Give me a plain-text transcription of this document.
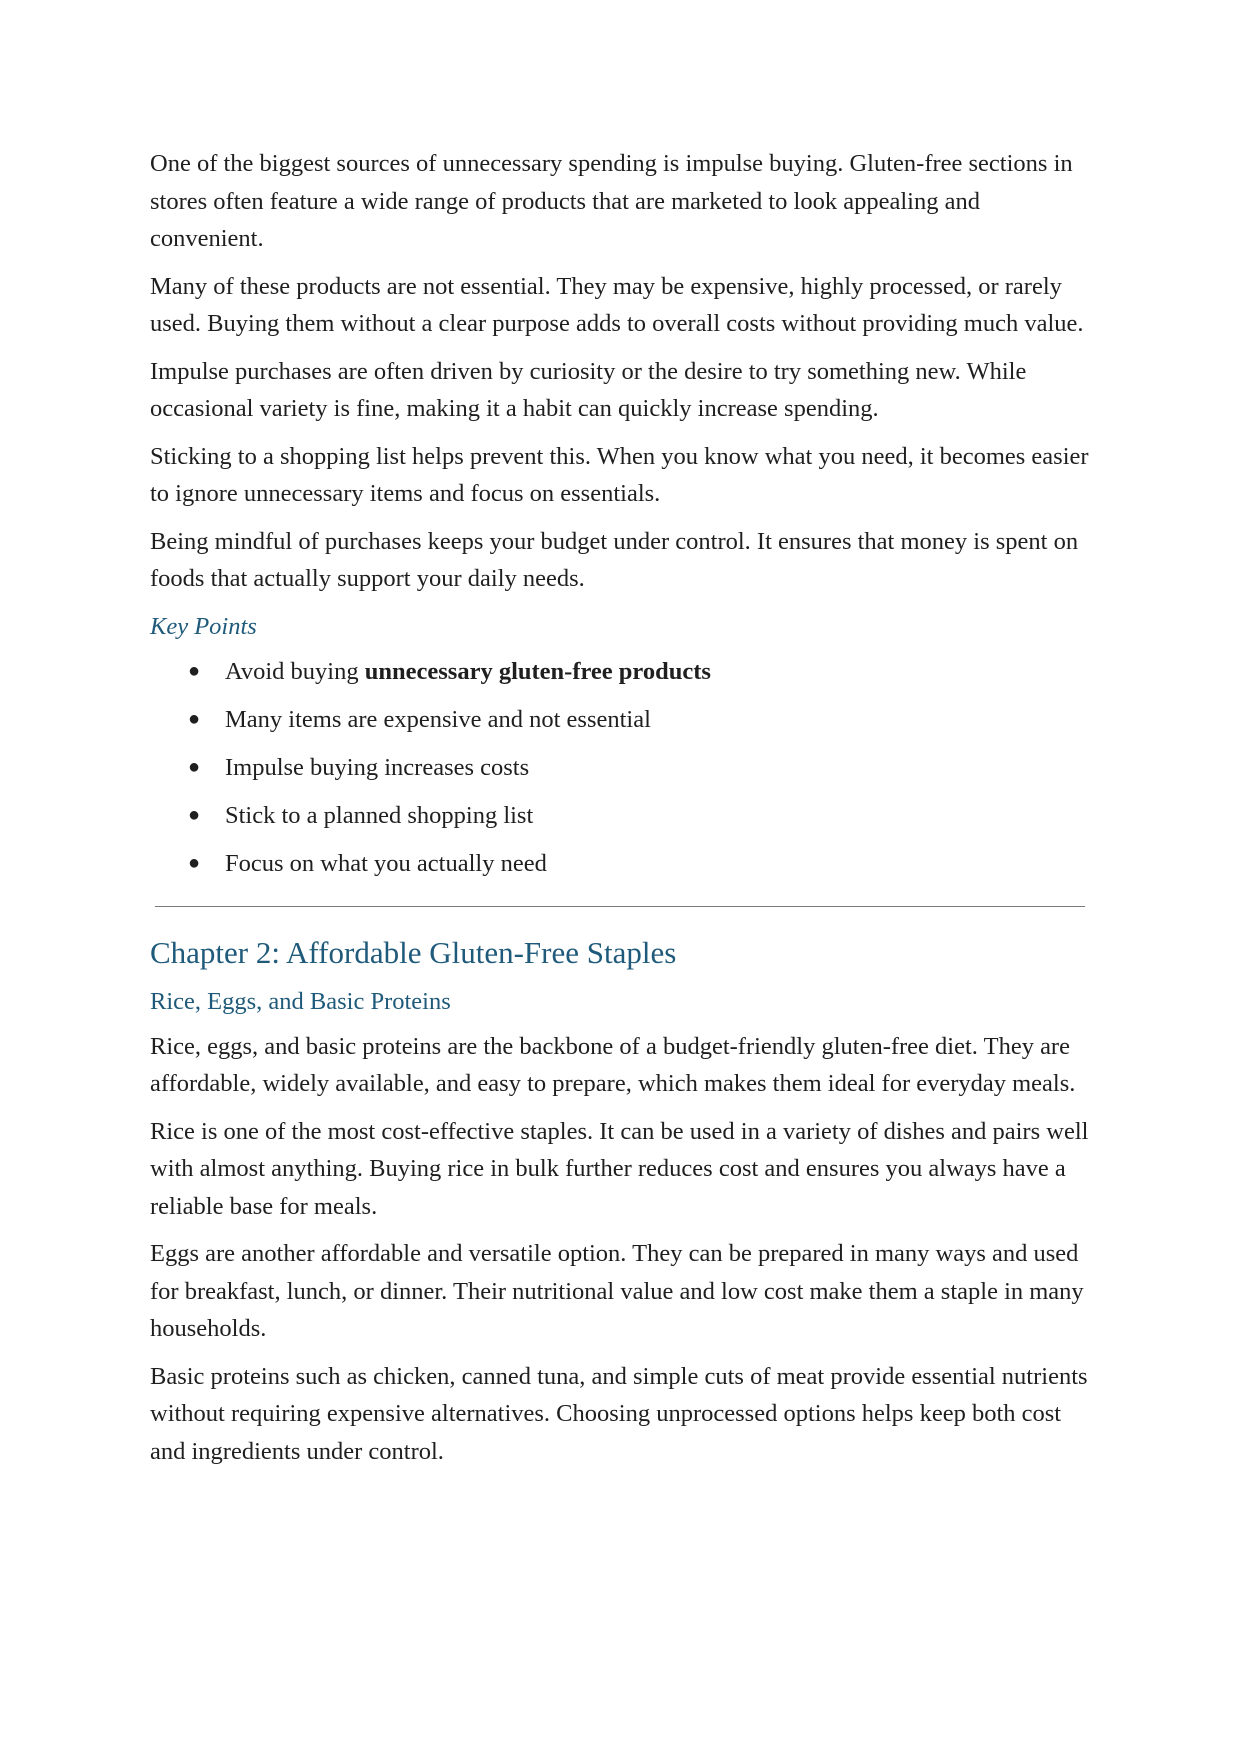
One of the biggest sources of unnecessary spending is impulse buying. Gluten-free sections in stores often feature a wide range of products that are marketed to look appealing and convenient.

Many of these products are not essential. They may be expensive, highly processed, or rarely used. Buying them without a clear purpose adds to overall costs without providing much value.

Impulse purchases are often driven by curiosity or the desire to try something new. While occasional variety is fine, making it a habit can quickly increase spending.

Sticking to a shopping list helps prevent this. When you know what you need, it becomes easier to ignore unnecessary items and focus on essentials.

Being mindful of purchases keeps your budget under control. It ensures that money is spent on foods that actually support your daily needs.

Key Points
● Avoid buying unnecessary gluten-free products
● Many items are expensive and not essential
● Impulse buying increases costs
● Stick to a planned shopping list
● Focus on what you actually need
Chapter 2: Affordable Gluten-Free Staples
Rice, Eggs, and Basic Proteins

Rice, eggs, and basic proteins are the backbone of a budget-friendly gluten-free diet. They are affordable, widely available, and easy to prepare, which makes them ideal for everyday meals.

Rice is one of the most cost-effective staples. It can be used in a variety of dishes and pairs well with almost anything. Buying rice in bulk further reduces cost and ensures you always have a reliable base for meals.

Eggs are another affordable and versatile option. They can be prepared in many ways and used for breakfast, lunch, or dinner. Their nutritional value and low cost make them a staple in many households.

Basic proteins such as chicken, canned tuna, and simple cuts of meat provide essential nutrients without requiring expensive alternatives. Choosing unprocessed options helps keep both cost and ingredients under control.
